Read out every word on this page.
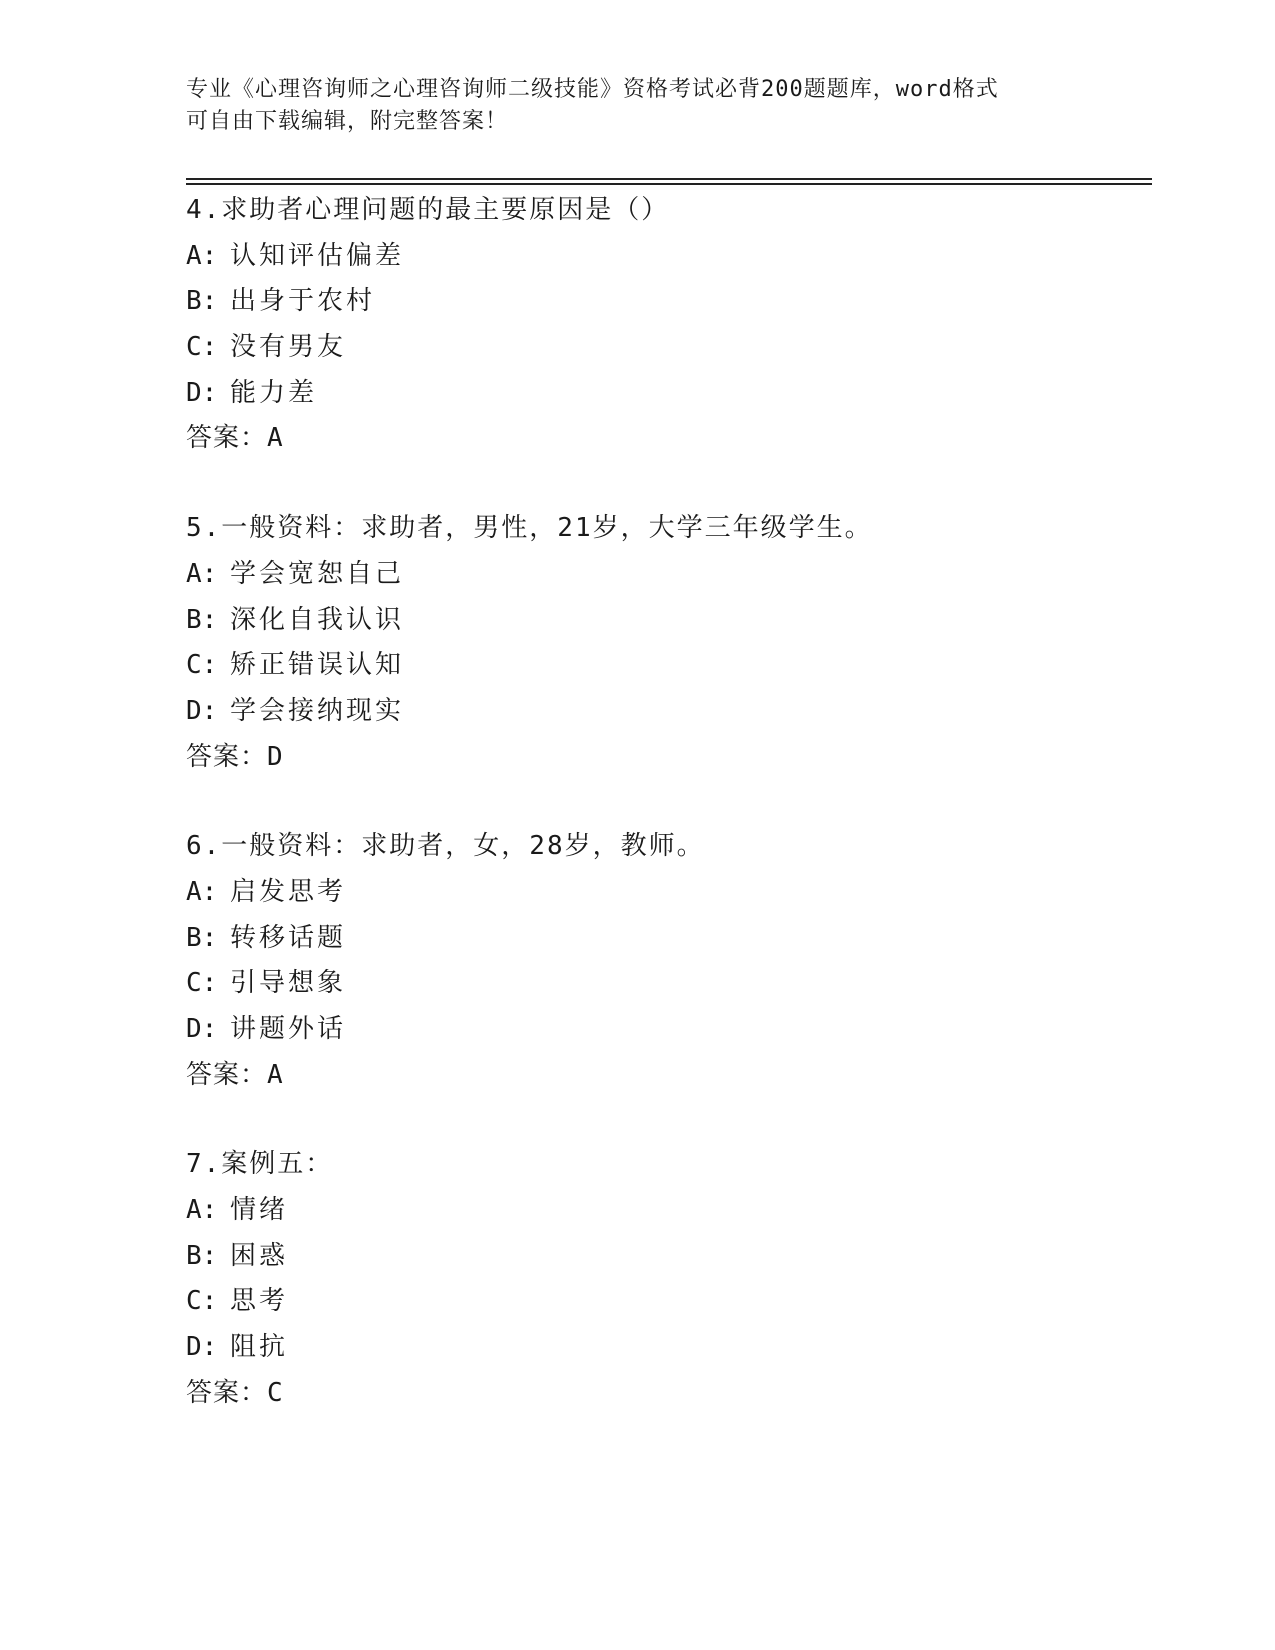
专业《心理咨询师之心理咨询师二级技能》资格考试必背200题题库，word格式

可自由下载编辑，附完整答案！

4.求助者心理问题的最主要原因是（）
A: 认知评估偏差
B: 出身于农村
C: 没有男友
D: 能力差
答案：A
5.一般资料：求助者，男性，21岁，大学三年级学生。
A: 学会宽恕自己
B: 深化自我认识
C: 矫正错误认知
D: 学会接纳现实
答案：D
6.一般资料：求助者，女，28岁，教师。
A: 启发思考
B: 转移话题
C: 引导想象
D: 讲题外话
答案：A
7.案例五：
A: 情绪
B: 困惑
C: 思考
D: 阻抗
答案：C
